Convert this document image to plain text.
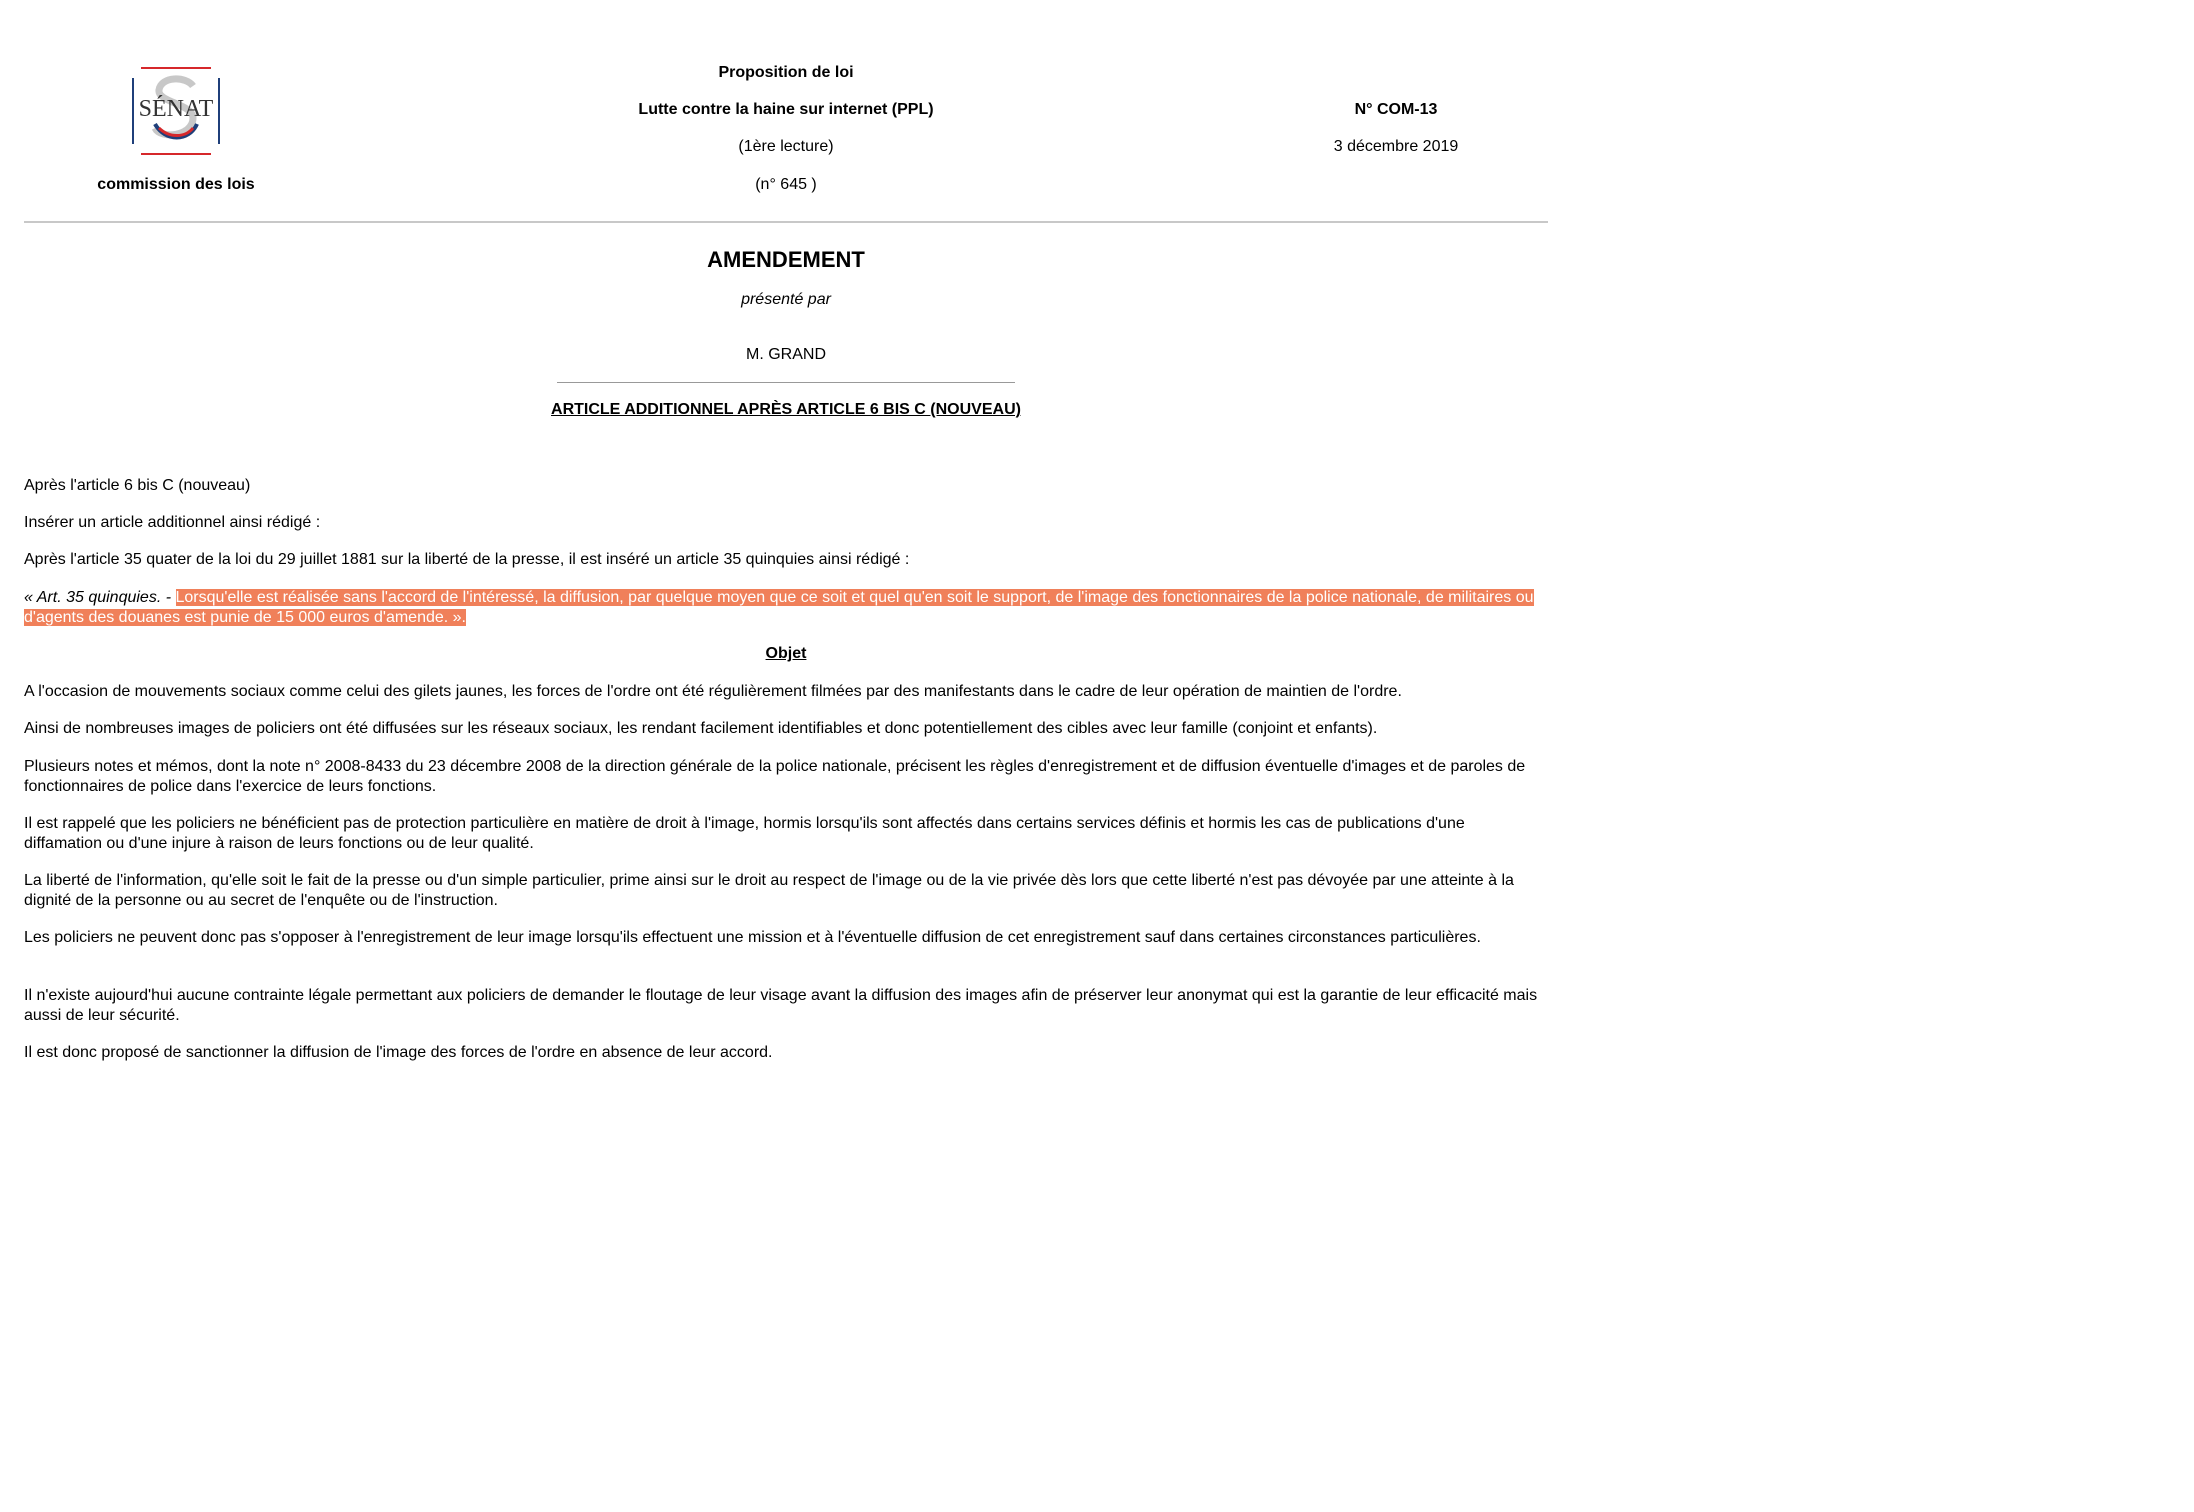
SÉNAT
commission des lois
Proposition de loi
Lutte contre la haine sur internet (PPL)
(1ère lecture)
(n° 645 )
N° COM-13
3 décembre 2019
AMENDEMENT
présenté par
M. GRAND
ARTICLE ADDITIONNEL APRÈS ARTICLE 6 BIS C (NOUVEAU)
Après l'article 6 bis C (nouveau)
Insérer un article additionnel ainsi rédigé :
Après l'article 35 quater de la loi du 29 juillet 1881 sur la liberté de la presse, il est inséré un article 35 quinquies ainsi rédigé :

« Art. 35 quinquies. - Lorsqu'elle est réalisée sans l'accord de l'intéressé, la diffusion, par quelque moyen que ce soit et quel qu'en soit le support, de l'image des fonctionnaires de la police nationale, de militaires ou d'agents des douanes est punie de 15 000 euros d'amende. ».

Objet
A l'occasion de mouvements sociaux comme celui des gilets jaunes, les forces de l'ordre ont été régulièrement filmées par des manifestants dans le cadre de leur opération de maintien de l'ordre.
Ainsi de nombreuses images de policiers ont été diffusées sur les réseaux sociaux, les rendant facilement identifiables et donc potentiellement des cibles avec leur famille (conjoint et enfants).
Plusieurs notes et mémos, dont la note n° 2008-8433 du 23 décembre 2008 de la direction générale de la police nationale, précisent les règles d'enregistrement et de diffusion éventuelle d'images et de paroles de fonctionnaires de police dans l'exercice de leurs fonctions.
Il est rappelé que les policiers ne bénéficient pas de protection particulière en matière de droit à l'image, hormis lorsqu'ils sont affectés dans certains services définis et hormis les cas de publications d'une diffamation ou d'une injure à raison de leurs fonctions ou de leur qualité.
La liberté de l'information, qu'elle soit le fait de la presse ou d'un simple particulier, prime ainsi sur le droit au respect de l'image ou de la vie privée dès lors que cette liberté n'est pas dévoyée par une atteinte à la dignité de la personne ou au secret de l'enquête ou de l'instruction.
Les policiers ne peuvent donc pas s'opposer à l'enregistrement de leur image lorsqu'ils effectuent une mission et à l'éventuelle diffusion de cet enregistrement sauf dans certaines circonstances particulières.
Il n'existe aujourd'hui aucune contrainte légale permettant aux policiers de demander le floutage de leur visage avant la diffusion des images afin de préserver leur anonymat qui est la garantie de leur efficacité mais aussi de leur sécurité.
Il est donc proposé de sanctionner la diffusion de l'image des forces de l'ordre en absence de leur accord.
